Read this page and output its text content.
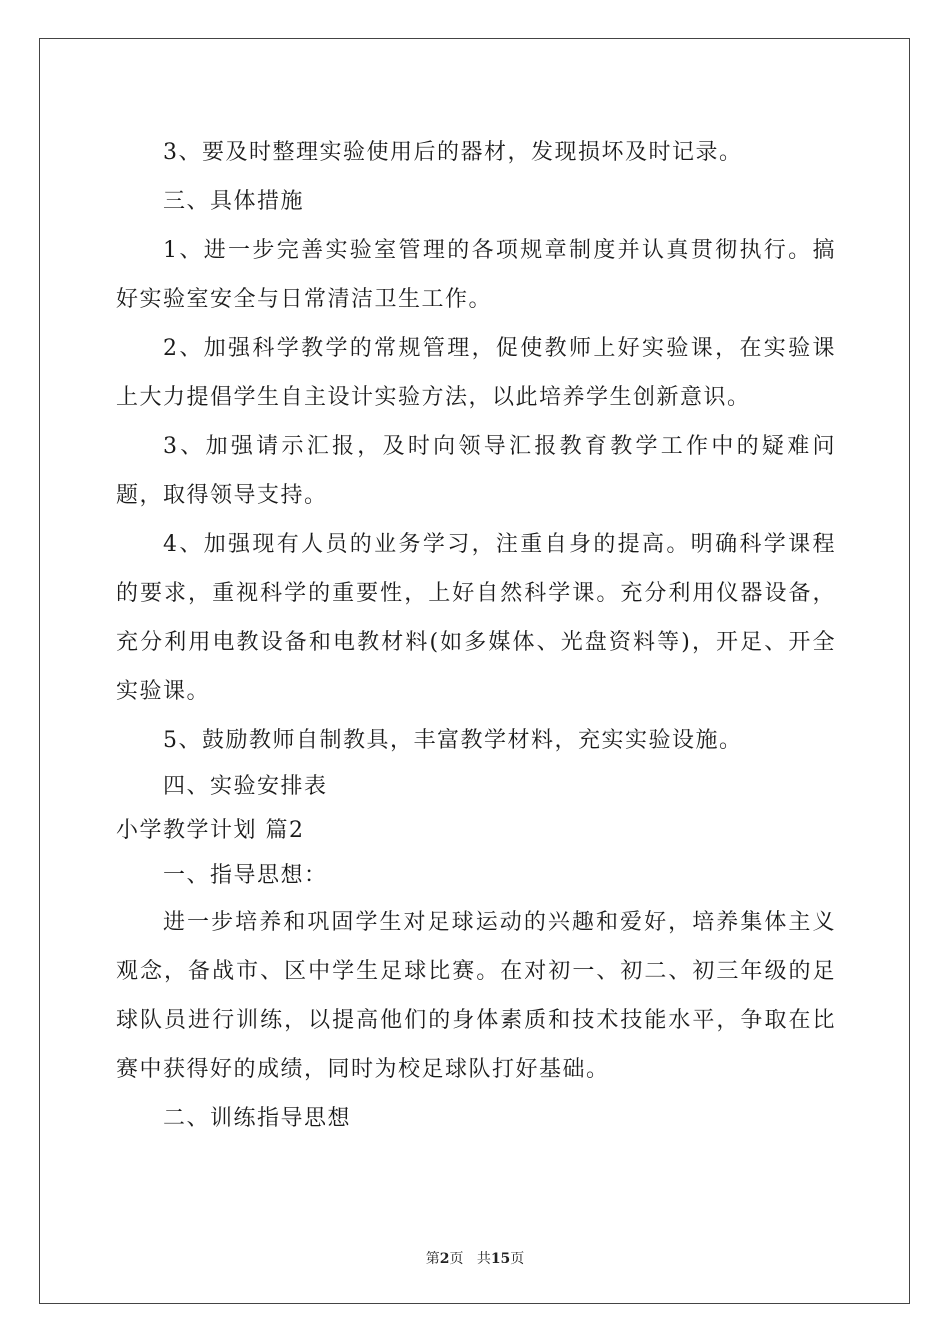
3、要及时整理实验使用后的器材，发现损坏及时记录。

三、具体措施

1、进一步完善实验室管理的各项规章制度并认真贯彻执行。搞好实验室安全与日常清洁卫生工作。

2、加强科学教学的常规管理，促使教师上好实验课，在实验课上大力提倡学生自主设计实验方法，以此培养学生创新意识。

3、加强请示汇报，及时向领导汇报教育教学工作中的疑难问题，取得领导支持。

4、加强现有人员的业务学习，注重自身的提高。明确科学课程的要求，重视科学的重要性，上好自然科学课。充分利用仪器设备，充分利用电教设备和电教材料(如多媒体、光盘资料等)，开足、开全实验课。

5、鼓励教师自制教具，丰富教学材料，充实实验设施。

四、实验安排表

小学教学计划 篇2

一、指导思想：

进一步培养和巩固学生对足球运动的兴趣和爱好，培养集体主义观念，备战市、区中学生足球比赛。在对初一、初二、初三年级的足球队员进行训练，以提高他们的身体素质和技术技能水平，争取在比赛中获得好的成绩，同时为校足球队打好基础。

二、训练指导思想

第2页 共15页
